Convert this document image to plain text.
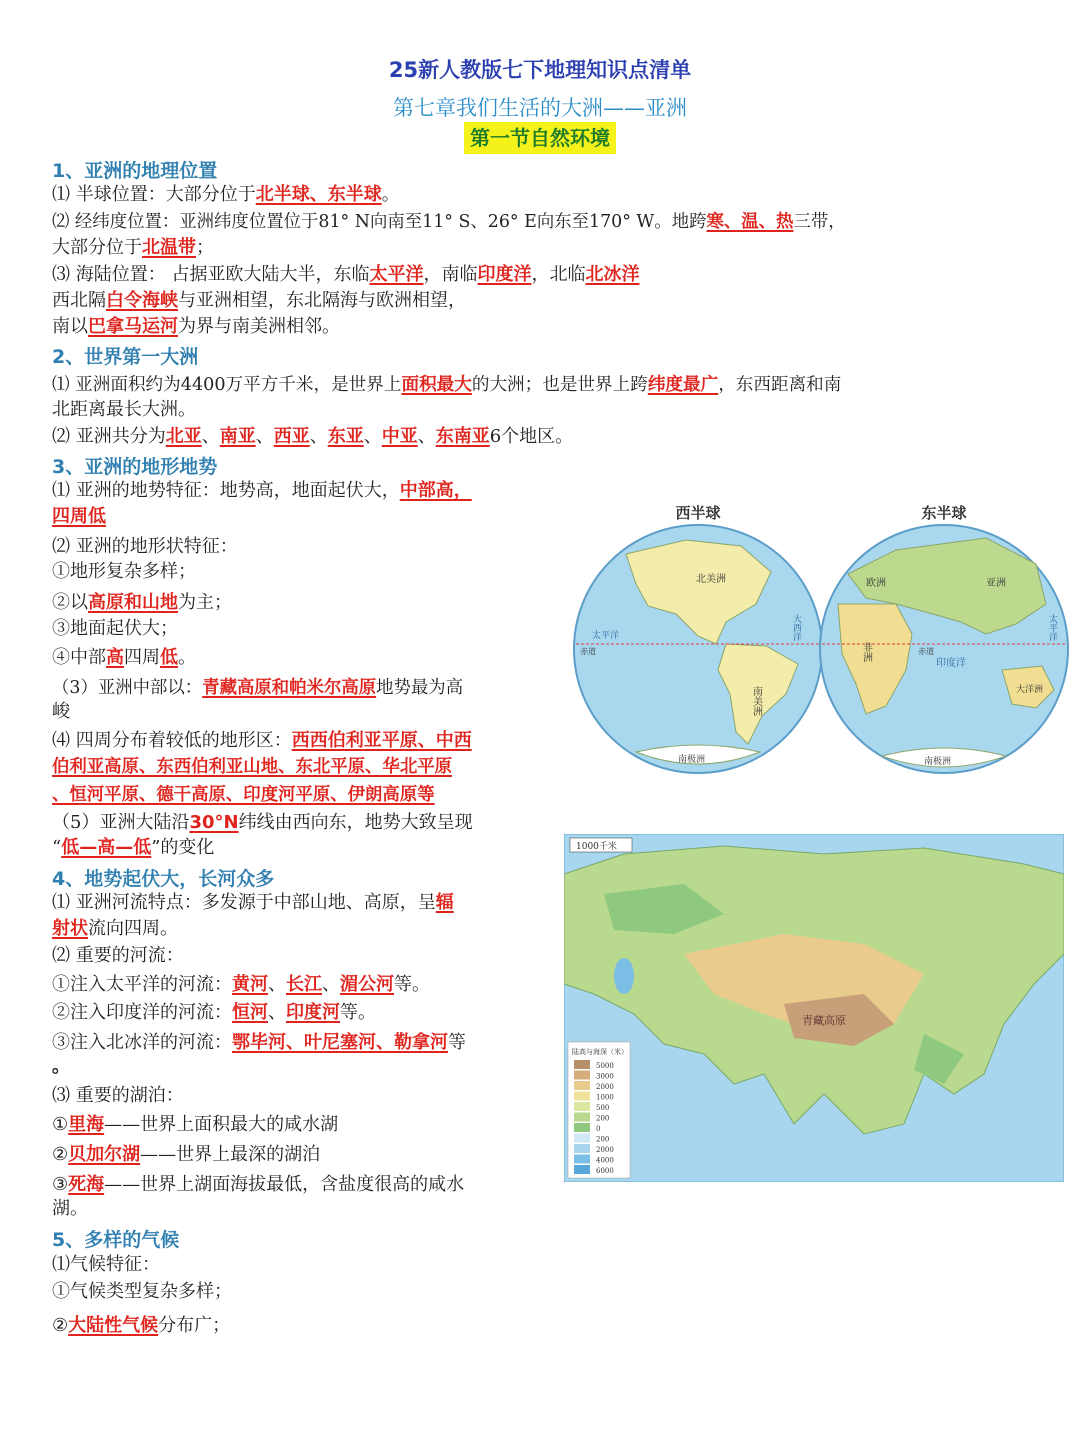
25新人教版七下地理知识点清单
第七章我们生活的大洲——亚洲
第一节自然环境
1、亚洲的地理位置
⑴ 半球位置：大部分位于北半球、东半球。
⑵ 经纬度位置：亚洲纬度位置位于81° N向南至11° S、26° E向东至170° W。地跨寒、温、热三带，
大部分位于北温带；
⑶ 海陆位置： 占据亚欧大陆大半，东临太平洋，南临印度洋，北临北冰洋
西北隔白令海峡与亚洲相望，东北隔海与欧洲相望，
南以巴拿马运河为界与南美洲相邻。
2、世界第一大洲
⑴ 亚洲面积约为4400万平方千米，是世界上面积最大的大洲；也是世界上跨纬度最广，东西距离和南
北距离最长大洲。
⑵ 亚洲共分为北亚、南亚、西亚、东亚、中亚、东南亚6个地区。
3、亚洲的地形地势
⑴ 亚洲的地势特征：地势高，地面起伏大，中部高，
四周低
⑵ 亚洲的地形状特征：
①地形复杂多样；
②以高原和山地为主；
③地面起伏大；
④中部高四周低。
（3）亚洲中部以：青藏高原和帕米尔高原地势最为高
峻
⑷ 四周分布着较低的地形区：西西伯利亚平原、中西
伯利亚高原、东西伯利亚山地、东北平原、华北平原
、恒河平原、德干高原、印度河平原、伊朗高原等
（5）亚洲大陆沿30°N纬线由西向东，地势大致呈现
“低—高—低”的变化
4、地势起伏大，长河众多
⑴ 亚洲河流特点：多发源于中部山地、高原，呈辐
射状流向四周。
⑵ 重要的河流：
①注入太平洋的河流：黄河、长江、湄公河等。
②注入印度洋的河流：恒河、印度河等。
③注入北冰洋的河流：鄂毕河、叶尼塞河、勒拿河等
。
⑶ 重要的湖泊：
①里海——世界上面积最大的咸水湖
②贝加尔湖——世界上最深的湖泊
③死海——世界上湖面海拔最低，含盐度很高的咸水
湖。
5、多样的气候
⑴气候特征：
①气候类型复杂多样；
②大陆性气候分布广；
西半球	东半球
北美洲
南美洲
南极洲
太平洋	大西洋
赤道
欧洲	亚洲
非洲
大洋洲
南极洲
印度洋
太平洋
赤道
青藏高原
1000千米
陆高与海深（米）
5000
3000
2000
1000
500
200
0
200
2000
4000
6000
